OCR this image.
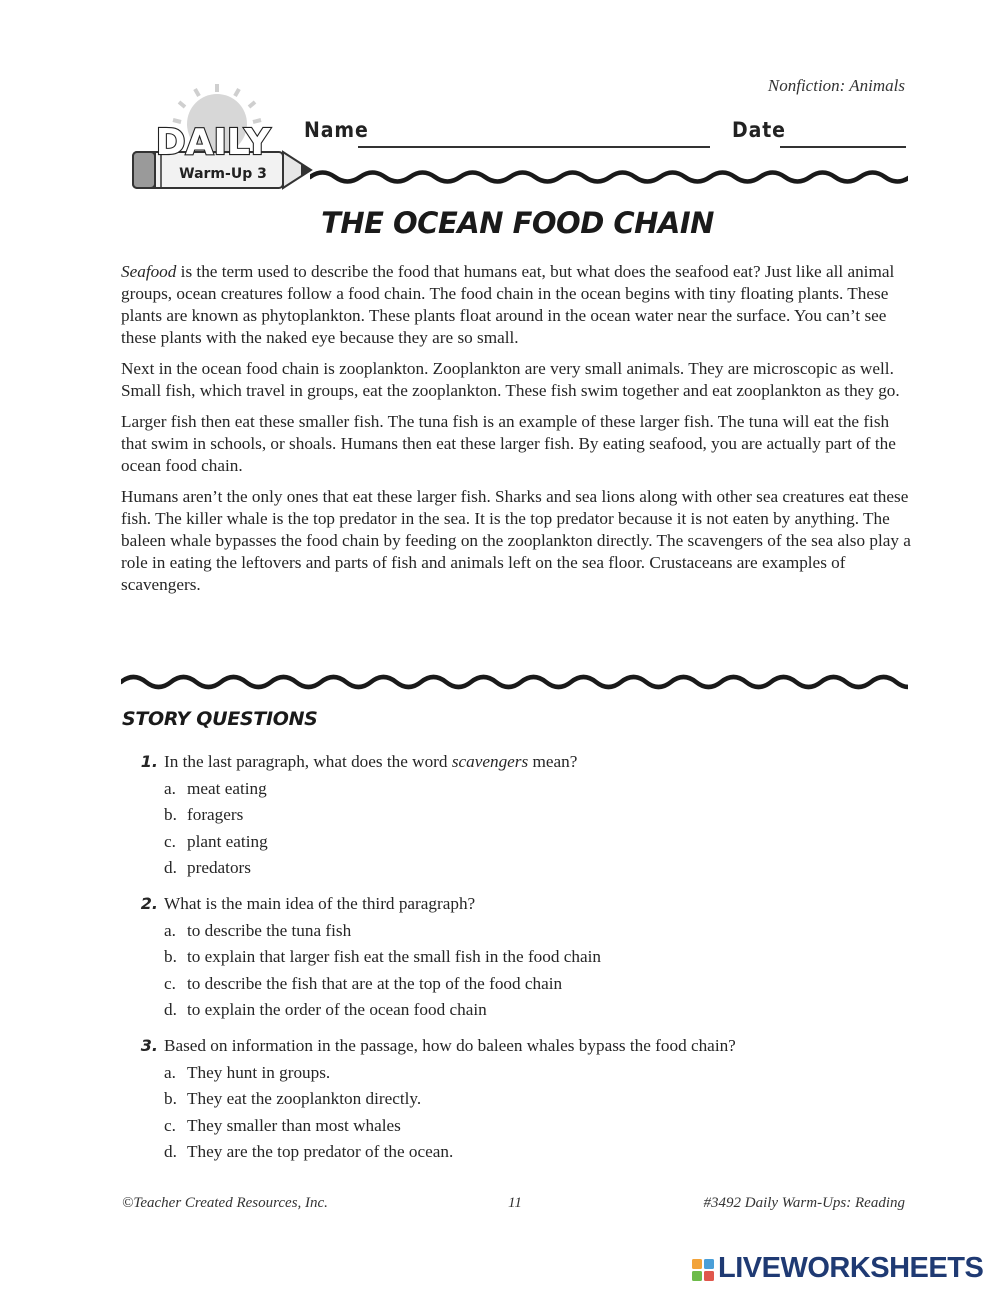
Nonfiction: Animals
DAILY
Warm-Up 3
Name	Date
THE OCEAN FOOD CHAIN

Seafood is the term used to describe the food that humans eat, but what does the seafood eat? Just like all animal groups, ocean creatures follow a food chain. The food chain in the ocean begins with tiny floating plants. These plants are known as phytoplankton. These plants float around in the ocean water near the surface. You can’t see these plants with the naked eye because they are so small.

Next in the ocean food chain is zooplankton. Zooplankton are very small animals. They are microscopic as well. Small fish, which travel in groups, eat the zooplankton. These fish swim together and eat zooplankton as they go.

Larger fish then eat these smaller fish. The tuna fish is an example of these larger fish. The tuna will eat the fish that swim in schools, or shoals. Humans then eat these larger fish. By eating seafood, you are actually part of the ocean food chain.

Humans aren’t the only ones that eat these larger fish. Sharks and sea lions along with other sea creatures eat these fish. The killer whale is the top predator in the sea. It is the top predator because it is not eaten by anything. The baleen whale bypasses the food chain by feeding on the zooplankton directly. The scavengers of the sea also play a role in eating the leftovers and parts of fish and animals left on the sea floor. Crustaceans are examples of scavengers.

STORY QUESTIONS
1. In the last paragraph, what does the word scavengers mean?
a. meat eating
b. foragers
c. plant eating
d. predators
2. What is the main idea of the third paragraph?
a. to describe the tuna fish
b. to explain that larger fish eat the small fish in the food chain
c. to describe the fish that are at the top of the food chain
d. to explain the order of the ocean food chain
3. Based on information in the passage, how do baleen whales bypass the food chain?
a. They hunt in groups.
b. They eat the zooplankton directly.
c. They smaller than most whales
d. They are the top predator of the ocean.
©Teacher Created Resources, Inc.	11	#3492 Daily Warm-Ups: Reading
LIVEWORKSHEETS
